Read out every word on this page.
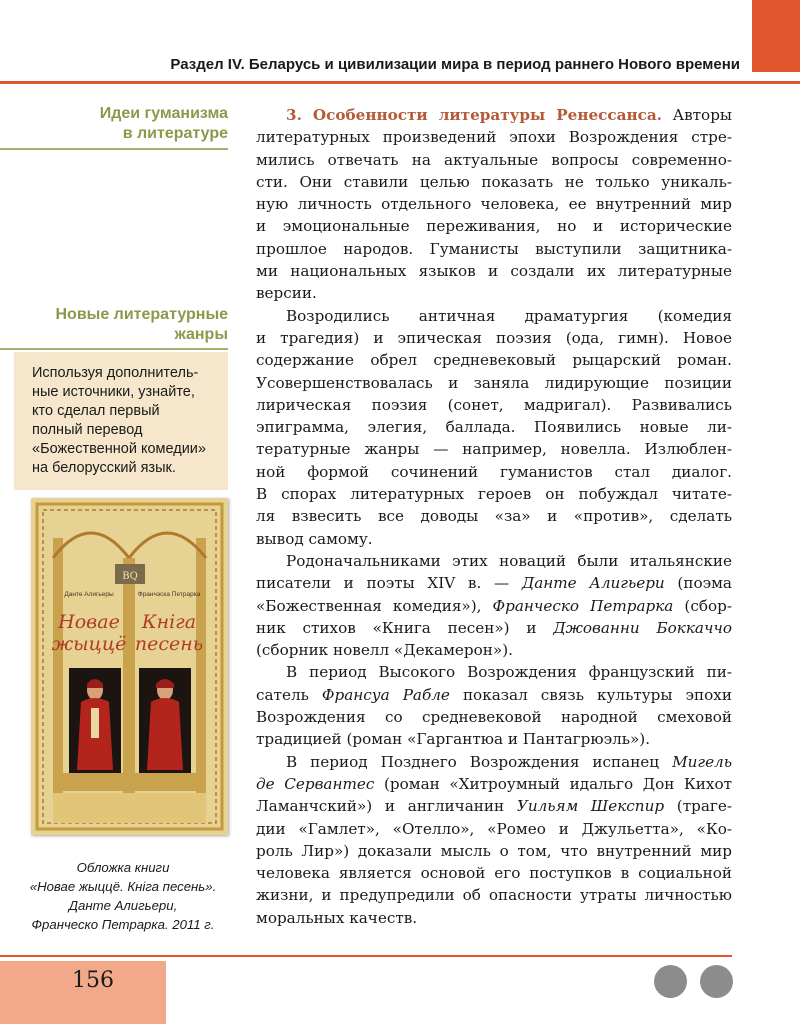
Раздел IV. Беларусь и цивилизации мира в период раннего Нового времени
Идеи гуманизма
в литературе
Новые литературные
жанры
Используя дополнитель-
ные источники, узнайте,
кто сделал первый
полный перевод
«Божественной комедии»
на белорусский язык.
BQ
Данте Алигьеры	Франчэска Петрарка
Новае
жыццё
Кніга
песень
Обложка книги
«Новае жыццё. Кніга песень».
Данте Алигьери,
Франческо Петрарка. 2011 г.

3. Особенности литературы Ренессанса. Авторы
литературных произведений эпохи Возрождения стре-
мились отвечать на актуальные вопросы современно-
сти. Они ставили целью показать не только уникаль-
ную личность отдельного человека, ее внутренний мир
и эмоциональные переживания, но и исторические
прошлое народов. Гуманисты выступили защитника-
ми национальных языков и создали их литературные
версии.

Возродились античная драматургия (комедия
и трагедия) и эпическая поэзия (ода, гимн). Новое
содержание обрел средневековый рыцарский роман.
Усовершенствовалась и заняла лидирующие позиции
лирическая поэзия (сонет, мадригал). Развивались
эпиграмма, элегия, баллада. Появились новые ли-
тературные жанры — например, новелла. Излюблен-
ной формой сочинений гуманистов стал диалог.
В спорах литературных героев он побуждал читате-
ля взвесить все доводы «за» и «против», сделать
вывод самому.

Родоначальниками этих новаций были итальянские
писатели и поэты XIV в. — Данте Алигьери (поэма
«Божественная комедия»), Франческо Петрарка (сбор-
ник стихов «Книга песен») и Джованни Боккаччо
(сборник новелл «Декамерон»).

В период Высокого Возрождения французский пи-
сатель Франсуа Рабле показал связь культуры эпохи
Возрождения со средневековой народной смеховой
традицией (роман «Гаргантюа и Пантагрюэль»).

В период Позднего Возрождения испанец Мигель
де Сервантес (роман «Хитроумный идальго Дон Кихот
Ламанчский») и англичанин Уильям Шекспир (траге-
дии «Гамлет», «Отелло», «Ромео и Джульетта», «Ко-
роль Лир») доказали мысль о том, что внутренний мир
человека является основой его поступков в социальной
жизни, и предупредили об опасности утраты личностью
моральных качеств.

156
